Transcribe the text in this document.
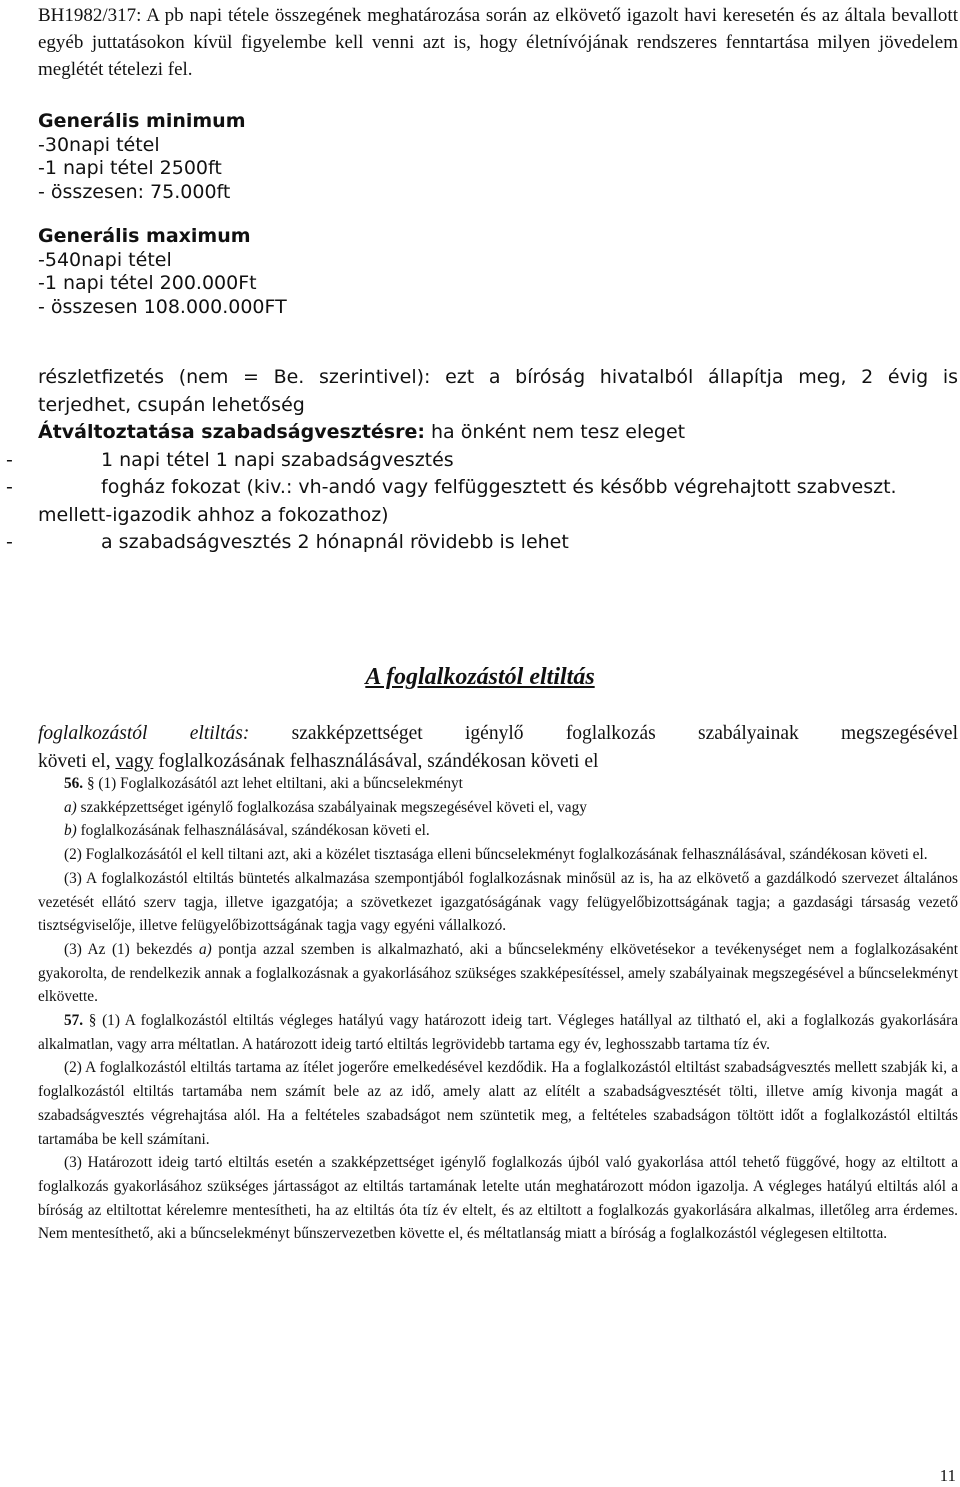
BH1982/317: A pb napi tétele összegének meghatározása során az elkövető igazolt havi keresetén és az általa bevallott egyéb juttatásokon kívül figyelembe kell venni azt is, hogy életnívójának rendszeres fenntartása milyen jövedelem meglétét tételezi fel.
Generális minimum
-30napi tétel
-1 napi tétel 2500ft
- összesen: 75.000ft
Generális maximum
-540napi tétel
-1 napi tétel 200.000Ft
- összesen 108.000.000FT
részletfizetés (nem = Be. szerintivel): ezt a bíróság hivatalból állapítja meg, 2 évig is
terjedhet, csupán lehetőség
Átváltoztatása szabadságvesztésre: ha önként nem tesz eleget
-	1 napi tétel 1 napi szabadságvesztés
-	fogház fokozat (kiv.: vh-andó vagy felfüggesztett és később végrehajtott szabveszt.
mellett-igazodik ahhoz a fokozathoz)
-	a szabadságvesztés 2 hónapnál rövidebb is lehet
A foglalkozástól eltiltás
foglalkozástól eltiltás: szakképzettséget igénylő foglalkozás szabályainak megszegésével
követi el, vagy foglalkozásának felhasználásával, szándékosan követi el

56. § (1) Foglalkozásától azt lehet eltiltani, aki a bűncselekményt

a) szakképzettséget igénylő foglalkozása szabályainak megszegésével követi el, vagy

b) foglalkozásának felhasználásával, szándékosan követi el.

(2) Foglalkozásától el kell tiltani azt, aki a közélet tisztasága elleni bűncselekményt foglalkozásának felhasználásával, szándékosan követi el.

(3) A foglalkozástól eltiltás büntetés alkalmazása szempontjából foglalkozásnak minősül az is, ha az elkövető a gazdálkodó szervezet általános vezetését ellátó szerv tagja, illetve igazgatója; a szövetkezet igazgatóságának vagy felügyelőbizottságának tagja; a gazdasági társaság vezető tisztségviselője, illetve felügyelőbizottságának tagja vagy egyéni vállalkozó.

(3) Az (1) bekezdés a) pontja azzal szemben is alkalmazható, aki a bűncselekmény elkövetésekor a tevékenységet nem a foglalkozásaként gyakorolta, de rendelkezik annak a foglalkozásnak a gyakorlásához szükséges szakképesítéssel, amely szabályainak megszegésével a bűncselekményt elkövette.

57. § (1) A foglalkozástól eltiltás végleges hatályú vagy határozott ideig tart. Végleges hatállyal az tiltható el, aki a foglalkozás gyakorlására alkalmatlan, vagy arra méltatlan. A határozott ideig tartó eltiltás legrövidebb tartama egy év, leghosszabb tartama tíz év.

(2) A foglalkozástól eltiltás tartama az ítélet jogerőre emelkedésével kezdődik. Ha a foglalkozástól eltiltást szabadságvesztés mellett szabják ki, a foglalkozástól eltiltás tartamába nem számít bele az az idő, amely alatt az elítélt a szabadságvesztését tölti, illetve amíg kivonja magát a szabadságvesztés végrehajtása alól. Ha a feltételes szabadságot nem szüntetik meg, a feltételes szabadságon töltött időt a foglalkozástól eltiltás tartamába be kell számítani.

(3) Határozott ideig tartó eltiltás esetén a szakképzettséget igénylő foglalkozás újból való gyakorlása attól tehető függővé, hogy az eltiltott a foglalkozás gyakorlásához szükséges jártasságot az eltiltás tartamának letelte után meghatározott módon igazolja. A végleges hatályú eltiltás alól a bíróság az eltiltottat kérelemre mentesítheti, ha az eltiltás óta tíz év eltelt, és az eltiltott a foglalkozás gyakorlására alkalmas, illetőleg arra érdemes. Nem mentesíthető, aki a bűncselekményt bűnszervezetben követte el, és méltatlanság miatt a bíróság a foglalkozástól véglegesen eltiltotta.

11
